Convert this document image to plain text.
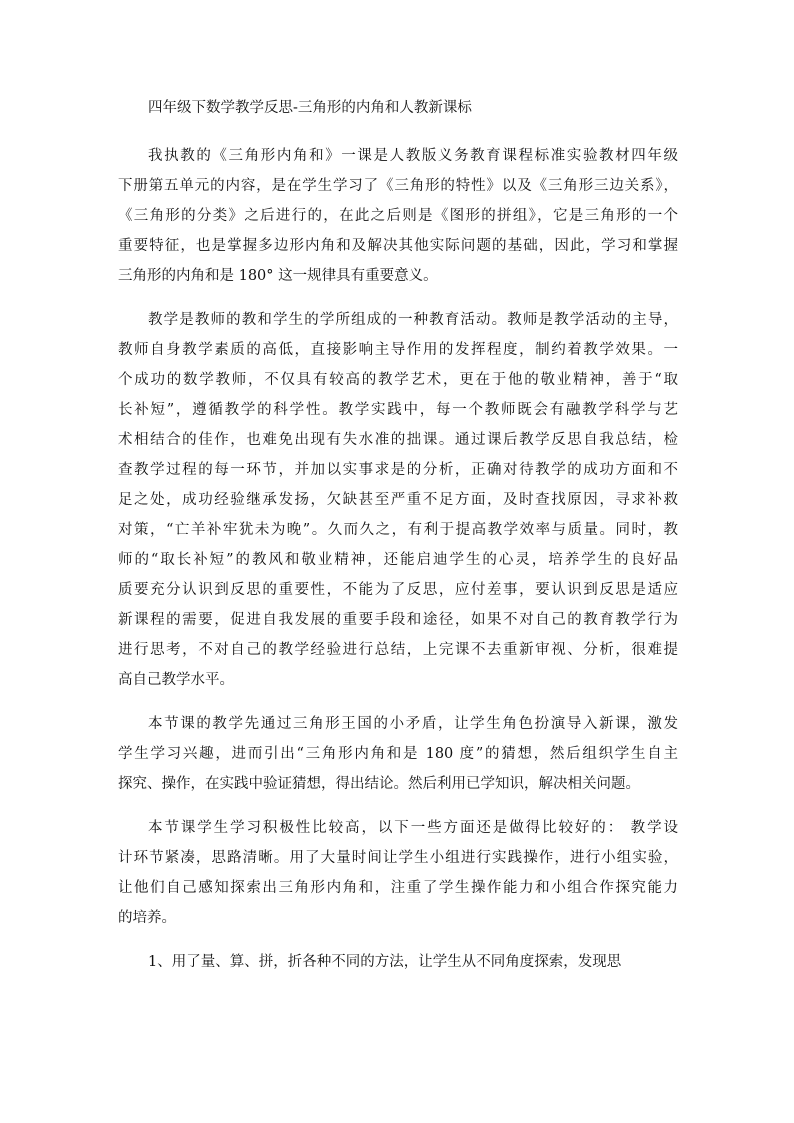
四年级下数学教学反思-三角形的内角和人教新课标

我执教的《三角形内角和》一课是人教版义务教育课程标准实验教材四年级
下册第五单元的内容，是在学生学习了《三角形的特性》以及《三角形三边关系》，
《三角形的分类》之后进行的，在此之后则是《图形的拼组》，它是三角形的一个
重要特征，也是掌握多边形内角和及解决其他实际问题的基础，因此，学习和掌握
三角形的内角和是 180° 这一规律具有重要意义。

教学是教师的教和学生的学所组成的一种教育活动。教师是教学活动的主导，
教师自身教学素质的高低，直接影响主导作用的发挥程度，制约着教学效果。一
个成功的数学教师，不仅具有较高的教学艺术，更在于他的敬业精神，善于“取
长补短”，遵循教学的科学性。教学实践中，每一个教师既会有融教学科学与艺
术相结合的佳作，也难免出现有失水准的拙课。通过课后教学反思自我总结，检
查教学过程的每一环节，并加以实事求是的分析，正确对待教学的成功方面和不
足之处，成功经验继承发扬，欠缺甚至严重不足方面，及时查找原因，寻求补救
对策，“亡羊补牢犹未为晚”。久而久之，有利于提高教学效率与质量。同时，教
师的“取长补短”的教风和敬业精神，还能启迪学生的心灵，培养学生的良好品
质要充分认识到反思的重要性，不能为了反思，应付差事，要认识到反思是适应
新课程的需要，促进自我发展的重要手段和途径，如果不对自己的教育教学行为
进行思考，不对自己的教学经验进行总结，上完课不去重新审视、分析，很难提
高自己教学水平。

本节课的教学先通过三角形王国的小矛盾，让学生角色扮演导入新课，激发
学生学习兴趣，进而引出“三角形内角和是 180 度”的猜想，然后组织学生自主
探究、操作，在实践中验证猜想，得出结论。然后利用已学知识，解决相关问题。

本节课学生学习积极性比较高，以下一些方面还是做得比较好的： 教学设
计环节紧凑，思路清晰。用了大量时间让学生小组进行实践操作，进行小组实验，
让他们自己感知探索出三角形内角和，注重了学生操作能力和小组合作探究能力
的培养。

1、用了量、算、拼，折各种不同的方法，让学生从不同角度探索，发现思
